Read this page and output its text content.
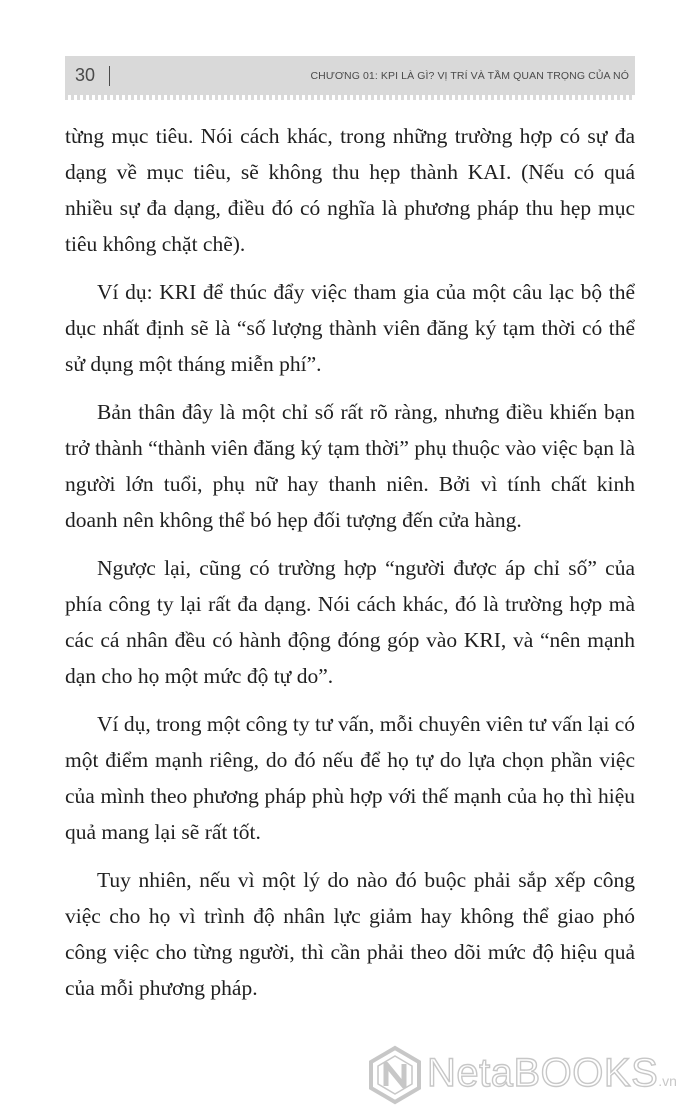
30	CHƯƠNG 01: KPI LÀ GÌ? VỊ TRÍ VÀ TẦM QUAN TRỌNG CỦA NÓ

từng mục tiêu. Nói cách khác, trong những trường hợp có sự đa dạng về mục tiêu, sẽ không thu hẹp thành KAI. (Nếu có quá nhiều sự đa dạng, điều đó có nghĩa là phương pháp thu hẹp mục tiêu không chặt chẽ).

Ví dụ: KRI để thúc đẩy việc tham gia của một câu lạc bộ thể dục nhất định sẽ là “số lượng thành viên đăng ký tạm thời có thể sử dụng một tháng miễn phí”.

Bản thân đây là một chỉ số rất rõ ràng, nhưng điều khiến bạn trở thành “thành viên đăng ký tạm thời” phụ thuộc vào việc bạn là người lớn tuổi, phụ nữ hay thanh niên. Bởi vì tính chất kinh doanh nên không thể bó hẹp đối tượng đến cửa hàng.

Ngược lại, cũng có trường hợp “người được áp chỉ số” của phía công ty lại rất đa dạng. Nói cách khác, đó là trường hợp mà các cá nhân đều có hành động đóng góp vào KRI, và “nên mạnh dạn cho họ một mức độ tự do”.

Ví dụ, trong một công ty tư vấn, mỗi chuyên viên tư vấn lại có một điểm mạnh riêng, do đó nếu để họ tự do lựa chọn phần việc của mình theo phương pháp phù hợp với thế mạnh của họ thì hiệu quả mang lại sẽ rất tốt.

Tuy nhiên, nếu vì một lý do nào đó buộc phải sắp xếp công việc cho họ vì trình độ nhân lực giảm hay không thể giao phó công việc cho từng người, thì cần phải theo dõi mức độ hiệu quả của mỗi phương pháp.

NetaBOOKS.vn
